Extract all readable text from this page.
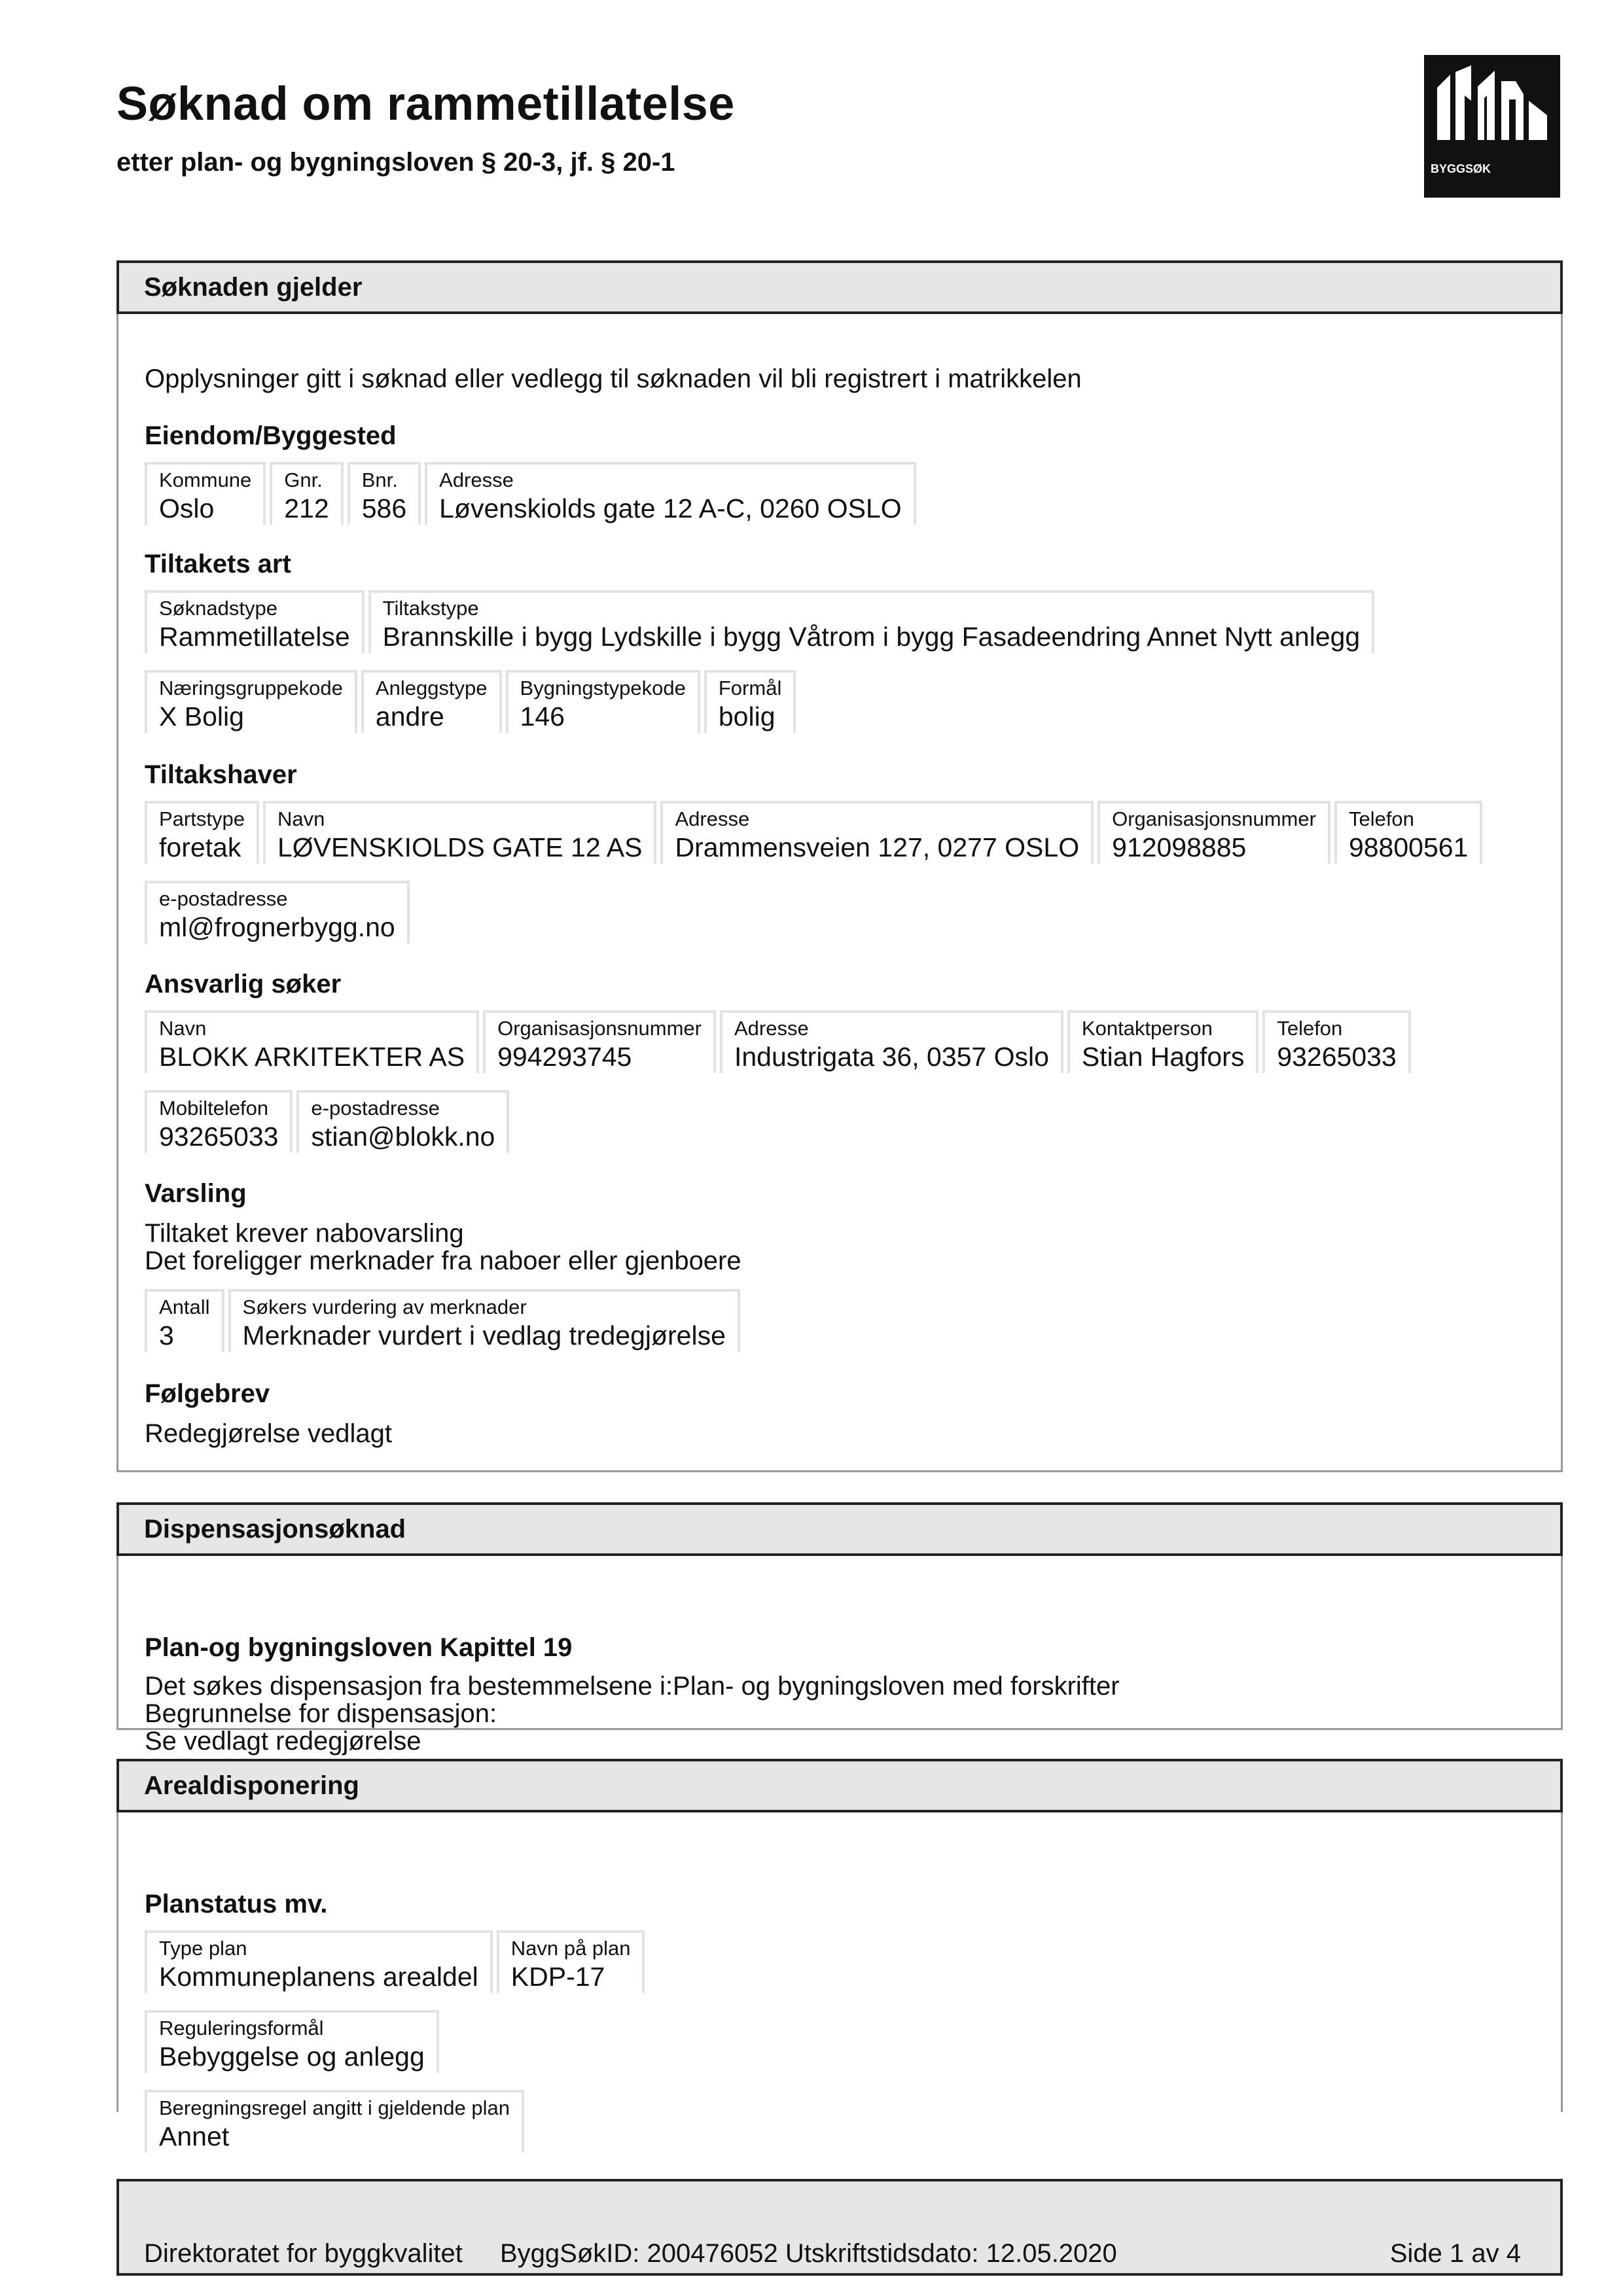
Søknad om rammetillatelse
etter plan- og bygningsloven § 20-3, jf. § 20-1	BYGGSØK
Søknaden gjelder
Opplysninger gitt i søknad eller vedlegg til søknaden vil bli registrert i matrikkelen
Eiendom/Byggested
Kommune
Oslo
Gnr.
212
Bnr.
586
Adresse
Løvenskiolds gate 12 A-C, 0260 OSLO
Tiltakets art
Søknadstype
Rammetillatelse
Tiltakstype
Brannskille i bygg Lydskille i bygg Våtrom i bygg Fasadeendring Annet Nytt anlegg
Næringsgruppekode
X Bolig
Anleggstype
andre
Bygningstypekode
146
Formål
bolig
Tiltakshaver
Partstype
foretak
Navn
LØVENSKIOLDS GATE 12 AS
Adresse
Drammensveien 127, 0277 OSLO
Organisasjonsnummer
912098885
Telefon
98800561
e-postadresse
ml@frognerbygg.no
Ansvarlig søker
Navn
BLOKK ARKITEKTER AS
Organisasjonsnummer
994293745
Adresse
Industrigata 36, 0357 Oslo
Kontaktperson
Stian Hagfors
Telefon
93265033
Mobiltelefon
93265033
e-postadresse
stian@blokk.no
Varsling
Tiltaket krever nabovarsling
Det foreligger merknader fra naboer eller gjenboere
Antall
3
Søkers vurdering av merknader
Merknader vurdert i vedlag tredegjørelse
Følgebrev
Redegjørelse vedlagt
Dispensasjonsøknad
Plan-og bygningsloven Kapittel 19
Det søkes dispensasjon fra bestemmelsene i:Plan- og bygningsloven med forskrifter
Begrunnelse for dispensasjon:
Se vedlagt redegjørelse
Arealdisponering
Planstatus mv.
Type plan
Kommuneplanens arealdel
Navn på plan
KDP-17
Reguleringsformål
Bebyggelse og anlegg
Beregningsregel angitt i gjeldende plan
Annet
Direktoratet for byggkvalitet ByggSøkID: 200476052 Utskriftstidsdato: 12.05.2020	Side 1 av 4
